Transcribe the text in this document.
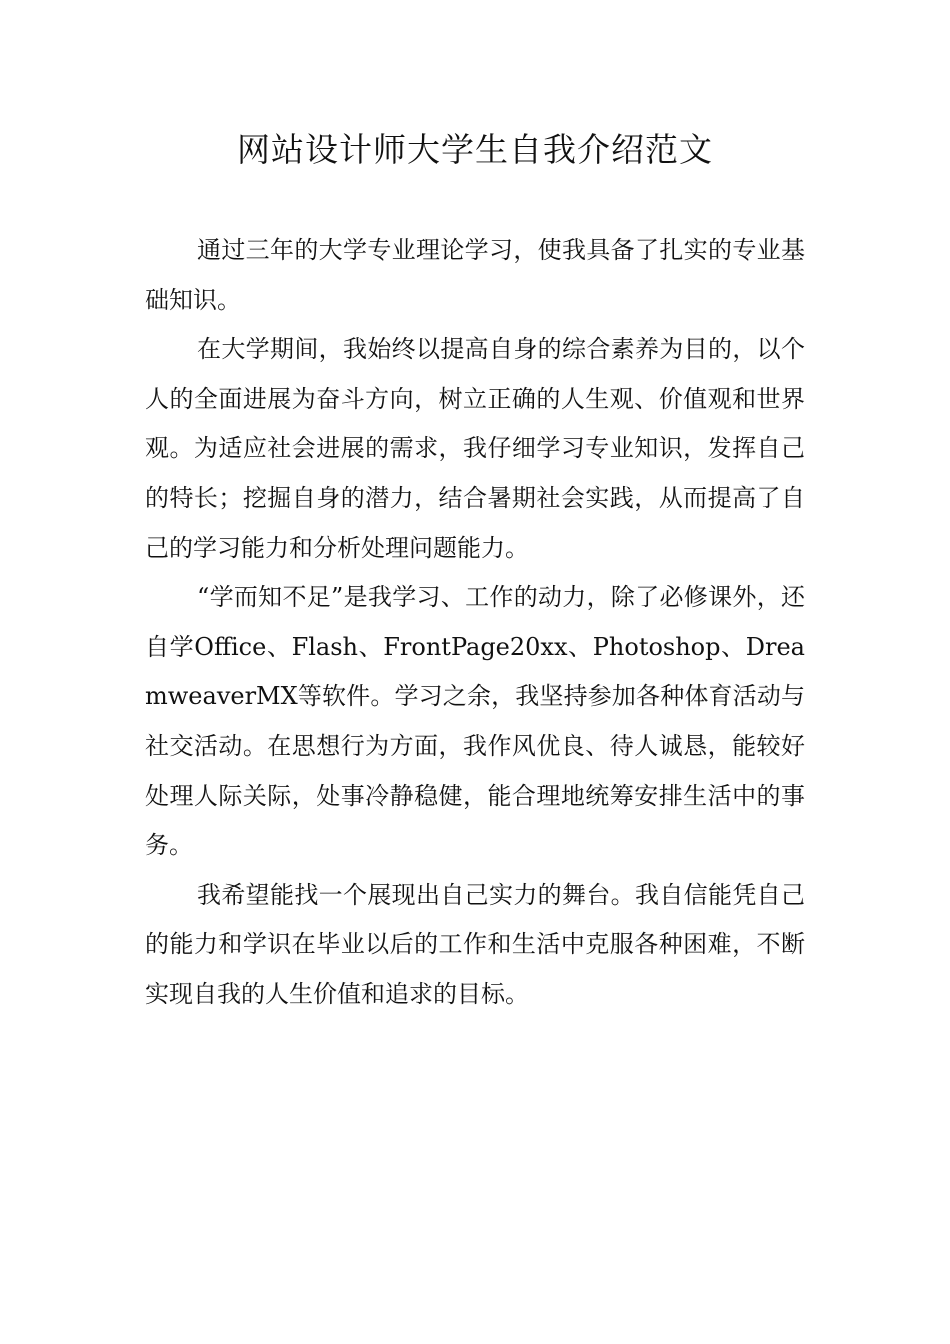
网站设计师大学生自我介绍范文

通过三年的大学专业理论学习，使我具备了扎实的专业基础知识。

在大学期间，我始终以提高自身的综合素养为目的，以个人的全面进展为奋斗方向，树立正确的人生观、价值观和世界观。为适应社会进展的需求，我仔细学习专业知识，发挥自己的特长；挖掘自身的潜力，结合暑期社会实践，从而提高了自己的学习能力和分析处理问题能力。

“学而知不足”是我学习、工作的动力，除了必修课外，还自学Office、Flash、FrontPage20xx、Photoshop、DreamweaverMX等软件。学习之余，我坚持参加各种体育活动与社交活动。在思想行为方面，我作风优良、待人诚恳，能较好处理人际关际，处事冷静稳健，能合理地统筹安排生活中的事务。

我希望能找一个展现出自己实力的舞台。我自信能凭自己的能力和学识在毕业以后的工作和生活中克服各种困难，不断实现自我的人生价值和追求的目标。
